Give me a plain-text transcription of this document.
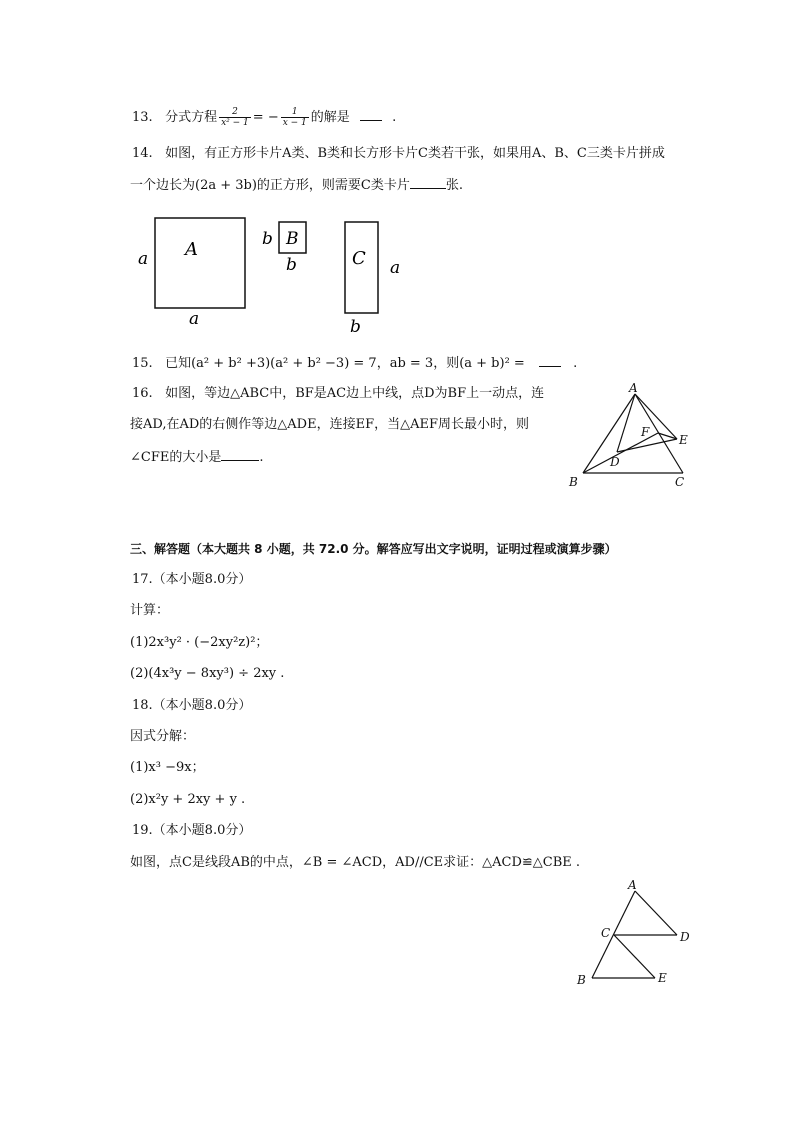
13. 分式方程 $\frac{2}{\text{x² − 1}}$ = − $\frac{1}{x - 1}$ 的解是	.
14. 如图，有正方形卡片A类、B类和长方形卡片C类若干张，如果用A、B、C三类卡片拼成
一个边长为(2a + 3b)的正方形，则需要C类卡片	张.
A
a
a
B
b
b	C a
b
15. 已知(a² + b² +3)(a² + b² −3) = 7，ab = 3，则(a + b)² =	.
16. 如图，等边△ABC中，BF是AC边上中线，点D为BF上一动点，连
接AD,在AD的右侧作等边△ADE，连接EF，当△AEF周长最小时，则
∠CFE的大小是	.
A
B	C
D
E
F
三、解答题（本大题共 8 小题，共 72.0 分。解答应写出文字说明，证明过程或演算步骤）
17.（本小题8.0分）
计算：
(1)2x³y² · (−2xy²z)²；
(2)(4x³y − 8xy³) ÷ 2xy .
18.（本小题8.0分）
因式分解：
(1)x³ −9x；
(2)x²y + 2xy + y .
19.（本小题8.0分）
如图，点C是线段AB的中点，∠B = ∠ACD，AD//CE求证：△ACD≌△CBE .
A
C	D
B	E
